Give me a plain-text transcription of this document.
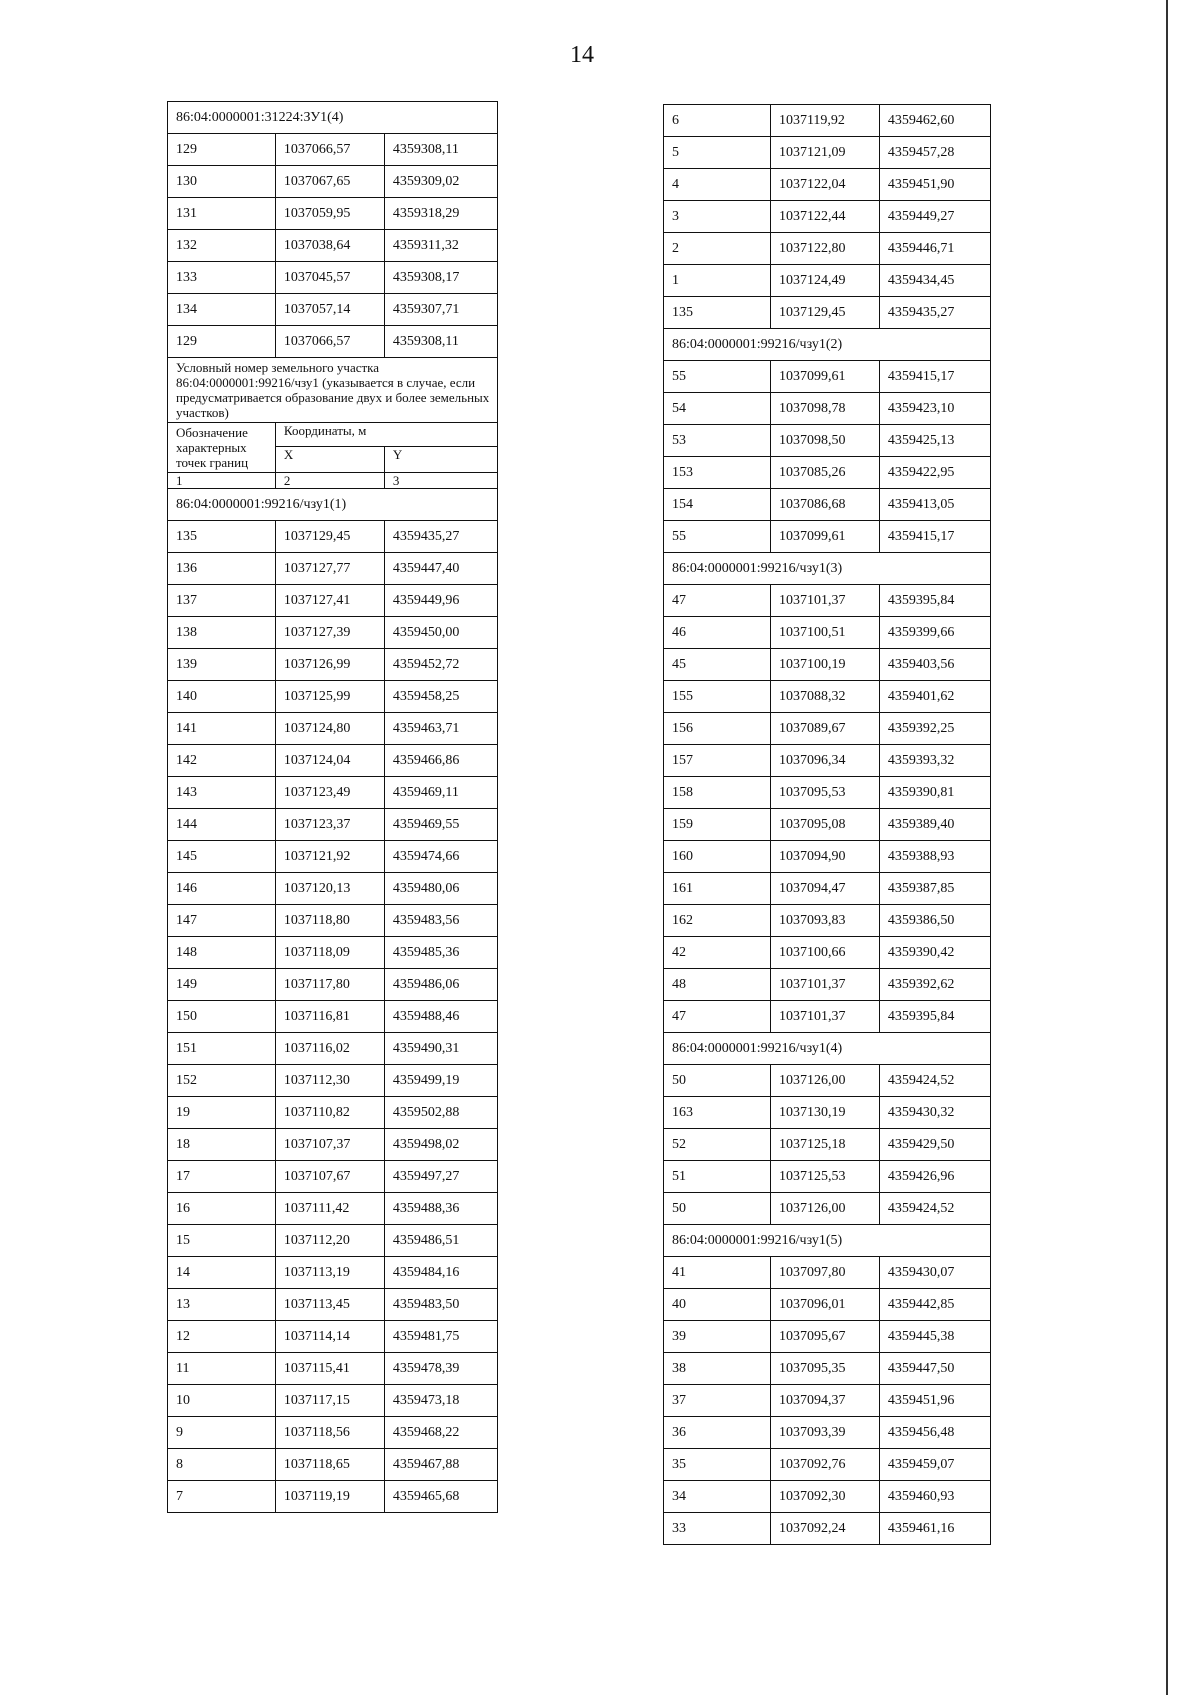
14
86:04:0000001:31224:ЗУ1(4)		
129	1037066,57	4359308,11
130	1037067,65	4359309,02
131	1037059,95	4359318,29
132	1037038,64	4359311,32
133	1037045,57	4359308,17
134	1037057,14	4359307,71
129	1037066,57	4359308,11
Условный номер земельного участка 86:04:0000001:99216/чзу1 (указывается в случае, если предусматривается образование двух и более земельных участков)		
Обозначение характерных точек границ	Координаты, м	
	X	Y
1	2	3
86:04:0000001:99216/чзу1(1)		
135	1037129,45	4359435,27
136	1037127,77	4359447,40
137	1037127,41	4359449,96
138	1037127,39	4359450,00
139	1037126,99	4359452,72
140	1037125,99	4359458,25
141	1037124,80	4359463,71
142	1037124,04	4359466,86
143	1037123,49	4359469,11
144	1037123,37	4359469,55
145	1037121,92	4359474,66
146	1037120,13	4359480,06
147	1037118,80	4359483,56
148	1037118,09	4359485,36
149	1037117,80	4359486,06
150	1037116,81	4359488,46
151	1037116,02	4359490,31
152	1037112,30	4359499,19
19	1037110,82	4359502,88
18	1037107,37	4359498,02
17	1037107,67	4359497,27
16	1037111,42	4359488,36
15	1037112,20	4359486,51
14	1037113,19	4359484,16
13	1037113,45	4359483,50
12	1037114,14	4359481,75
11	1037115,41	4359478,39
10	1037117,15	4359473,18
9	1037118,56	4359468,22
8	1037118,65	4359467,88
7	1037119,19	4359465,68
6	1037119,92	4359462,60
5	1037121,09	4359457,28
4	1037122,04	4359451,90
3	1037122,44	4359449,27
2	1037122,80	4359446,71
1	1037124,49	4359434,45
135	1037129,45	4359435,27
86:04:0000001:99216/чзу1(2)		
55	1037099,61	4359415,17
54	1037098,78	4359423,10
53	1037098,50	4359425,13
153	1037085,26	4359422,95
154	1037086,68	4359413,05
55	1037099,61	4359415,17
86:04:0000001:99216/чзу1(3)		
47	1037101,37	4359395,84
46	1037100,51	4359399,66
45	1037100,19	4359403,56
155	1037088,32	4359401,62
156	1037089,67	4359392,25
157	1037096,34	4359393,32
158	1037095,53	4359390,81
159	1037095,08	4359389,40
160	1037094,90	4359388,93
161	1037094,47	4359387,85
162	1037093,83	4359386,50
42	1037100,66	4359390,42
48	1037101,37	4359392,62
47	1037101,37	4359395,84
86:04:0000001:99216/чзу1(4)		
50	1037126,00	4359424,52
163	1037130,19	4359430,32
52	1037125,18	4359429,50
51	1037125,53	4359426,96
50	1037126,00	4359424,52
86:04:0000001:99216/чзу1(5)		
41	1037097,80	4359430,07
40	1037096,01	4359442,85
39	1037095,67	4359445,38
38	1037095,35	4359447,50
37	1037094,37	4359451,96
36	1037093,39	4359456,48
35	1037092,76	4359459,07
34	1037092,30	4359460,93
33	1037092,24	4359461,16
